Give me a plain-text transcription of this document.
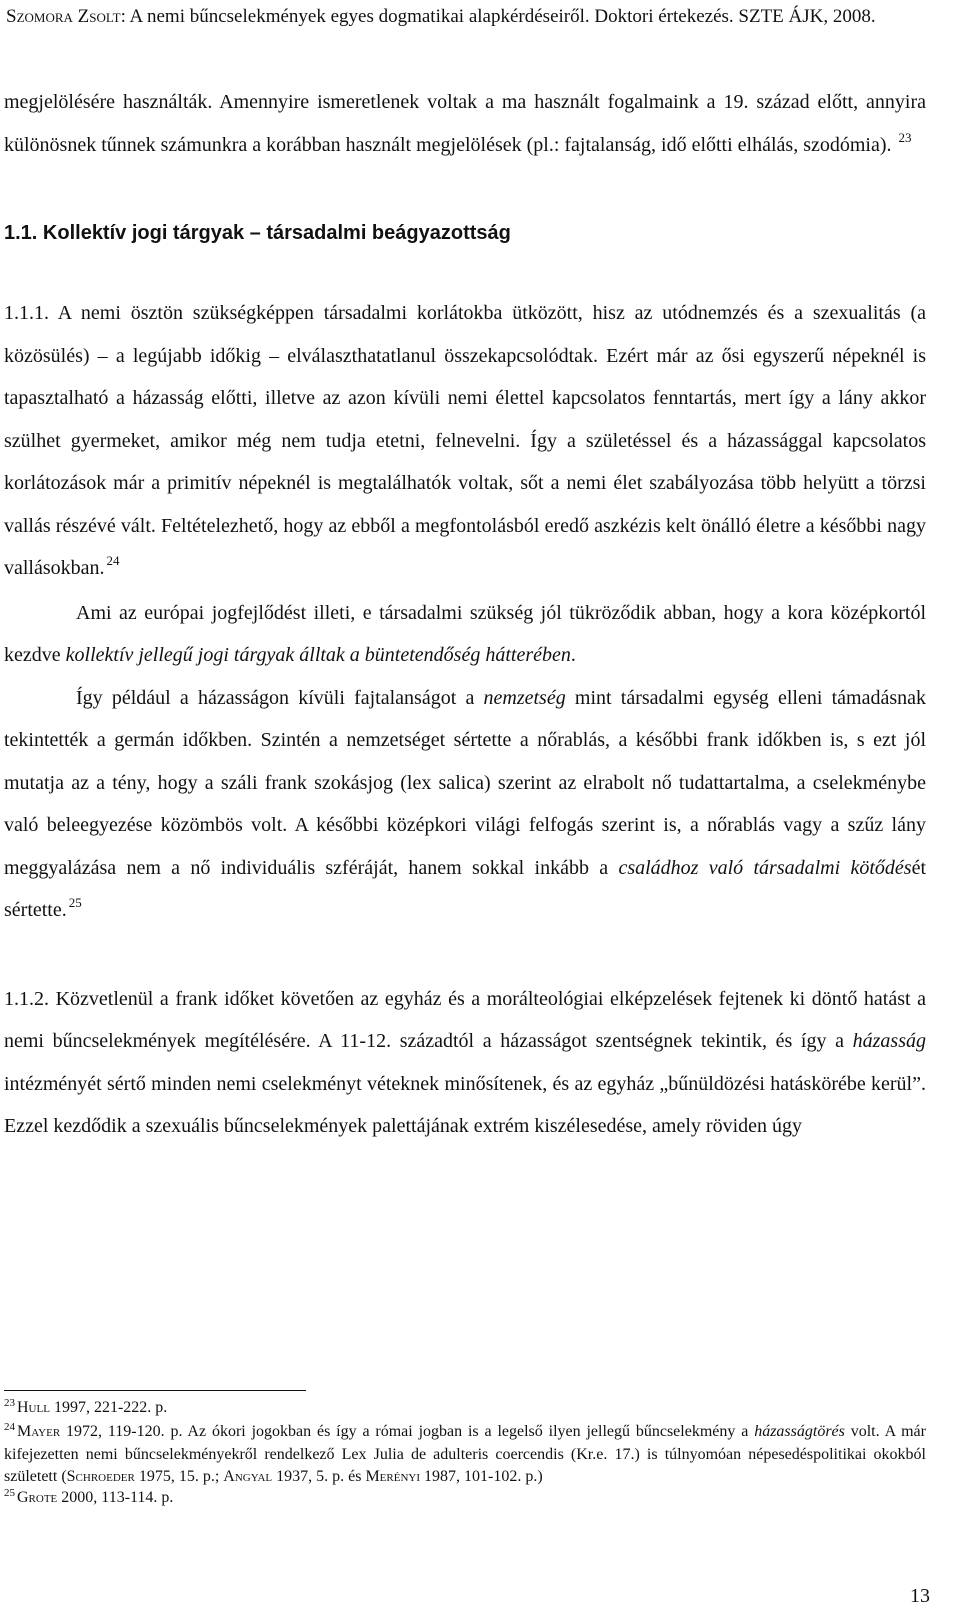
Szomora Zsolt: A nemi bűncselekmények egyes dogmatikai alapkérdéseiről. Doktori értekezés. SZTE ÁJK, 2008.

megjelölésére használták. Amennyire ismeretlenek voltak a ma használt fogalmaink a 19. század előtt, annyira különösnek tűnnek számunkra a korábban használt megjelölések (pl.: fajtalanság, idő előtti elhálás, szodómia). $^{23}$

1.1. Kollektív jogi tárgyak – társadalmi beágyazottság

1.1.1. A nemi ösztön szükségképpen társadalmi korlátokba ütközött, hisz az utódnemzés és a szexualitás (a közösülés) – a legújabb időkig – elválaszthatatlanul összekapcsolódtak. Ezért már az ősi egyszerű népeknél is tapasztalható a házasság előtti, illetve az azon kívüli nemi élettel kapcsolatos fenntartás, mert így a lány akkor szülhet gyermeket, amikor még nem tudja etetni, felnevelni. Így a születéssel és a házassággal kapcsolatos korlátozások már a primitív népeknél is megtalálhatók voltak, sőt a nemi élet szabályozása több helyütt a törzsi vallás részévé vált. Feltételezhető, hogy az ebből a megfontolásból eredő aszkézis kelt önálló életre a későbbi nagy vallásokban. $^{24}$

Ami az európai jogfejlődést illeti, e társadalmi szükség jól tükröződik abban, hogy a kora középkortól kezdve kollektív jellegű jogi tárgyak álltak a büntetendőség hátterében.

Így például a házasságon kívüli fajtalanságot a nemzetség mint társadalmi egység elleni támadásnak tekintették a germán időkben. Szintén a nemzetséget sértette a nőrablás, a későbbi frank időkben is, s ezt jól mutatja az a tény, hogy a száli frank szokásjog (lex salica) szerint az elrabolt nő tudattartalma, a cselekménybe való beleegyezése közömbös volt. A későbbi középkori világi felfogás szerint is, a nőrablás vagy a szűz lány meggyalázása nem a nő individuális szféráját, hanem sokkal inkább a családhoz való társadalmi kötődését sértette. $^{25}$

1.1.2. Közvetlenül a frank időket követően az egyház és a morálteológiai elképzelések fejtenek ki döntő hatást a nemi bűncselekmények megítélésére. A 11-12. századtól a házasságot szentségnek tekintik, és így a házasság intézményét sértő minden nemi cselekményt véteknek minősítenek, és az egyház „bűnüldözési hatáskörébe kerül”. Ezzel kezdődik a szexuális bűncselekmények palettájának extrém kiszélesedése, amely röviden úgy

$^{23}$ Hull 1997, 221-222. p.

$^{24}$ Mayer 1972, 119-120. p. Az ókori jogokban és így a római jogban is a legelső ilyen jellegű bűncselekmény a házasságtörés volt. A már kifejezetten nemi bűncselekményekről rendelkező Lex Julia de adulteris coercendis (Kr.e. 17.) is túlnyomóan népesedéspolitikai okokból született (Schroeder 1975, 15. p.; Angyal 1937, 5. p. és Merényi 1987, 101-102. p.)

$^{25}$ Grote 2000, 113-114. p.

13
